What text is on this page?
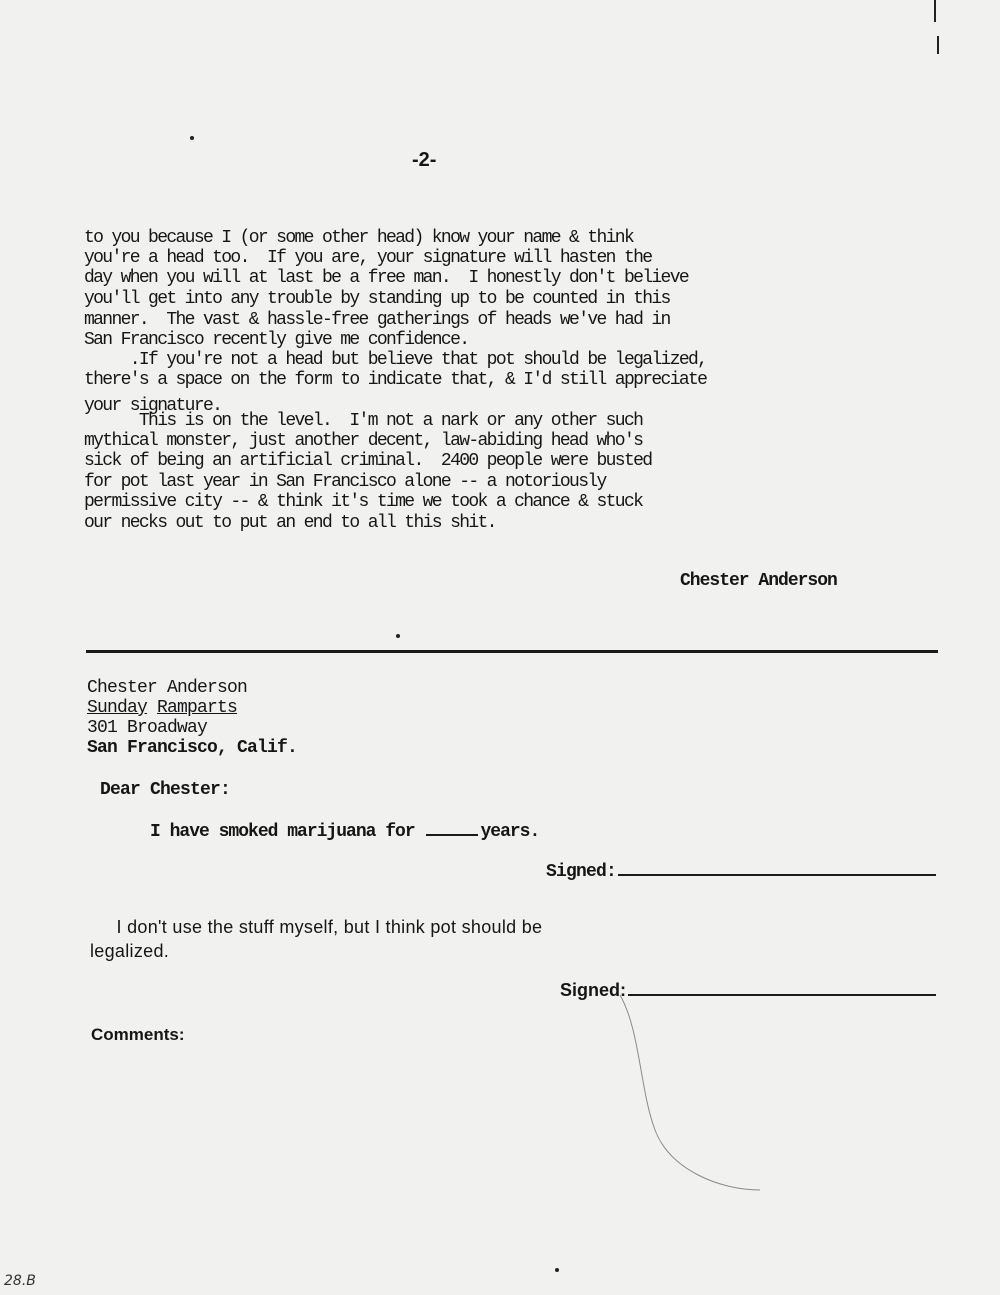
-2-
to you because I (or some other head) know your name & think
you're a head too.  If you are, your signature will hasten the
day when you will at last be a free man.  I honestly don't believe
you'll get into any trouble by standing up to be counted in this
manner.  The vast & hassle-free gatherings of heads we've had in
San Francisco recently give me confidence.
.If you're not a head but believe that pot should be legalized,
there's a space on the form to indicate that, & I'd still appreciate
your signature.
This is on the level.  I'm not a nark or any other such
mythical monster, just another decent, law-abiding head who's
sick of being an artificial criminal.  2400 people were busted
for pot last year in San Francisco alone -- a notoriously
permissive city -- & think it's time we took a chance & stuck
our necks out to put an end to all this shit.
Chester Anderson
Chester Anderson
Sunday Ramparts
301 Broadway
San Francisco, Calif.
Dear Chester:
I have smoked marijuana for	years.
Signed:
I don't use the stuff myself, but I think pot should be
legalized.
Signed:
Comments:
28.B
